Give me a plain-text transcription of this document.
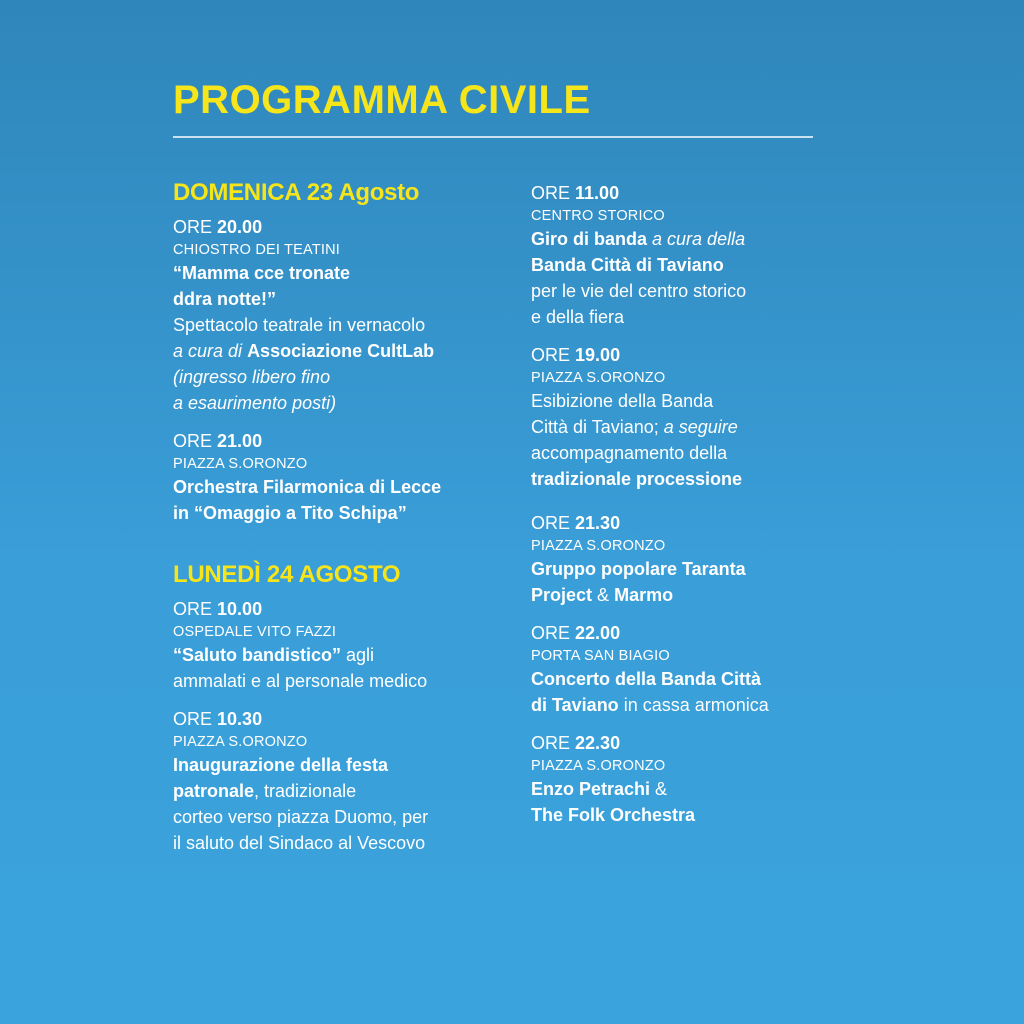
PROGRAMMA CIVILE
DOMENICA 23 Agosto
ORE 20.00
CHIOSTRO DEI TEATINI

“Mamma cce tronate
ddra notte!”
Spettacolo teatrale in vernacolo
a cura di Associazione CultLab
(ingresso libero fino
a esaurimento posti)

ORE 21.00
PIAZZA S.ORONZO

Orchestra Filarmonica di Lecce
in “Omaggio a Tito Schipa”

LUNEDÌ 24 AGOSTO
ORE 10.00
OSPEDALE VITO FAZZI

“Saluto bandistico” agli
ammalati e al personale medico

ORE 10.30
PIAZZA S.ORONZO

Inaugurazione della festa
patronale, tradizionale
corteo verso piazza Duomo, per
il saluto del Sindaco al Vescovo

ORE 11.00
CENTRO STORICO

Giro di banda a cura della
Banda Città di Taviano
per le vie del centro storico
e della fiera

ORE 19.00
PIAZZA S.ORONZO

Esibizione della Banda
Città di Taviano; a seguire
accompagnamento della
tradizionale processione

ORE 21.30
PIAZZA S.ORONZO

Gruppo popolare Taranta
Project & Marmo

ORE 22.00
PORTA SAN BIAGIO

Concerto della Banda Città
di Taviano in cassa armonica

ORE 22.30
PIAZZA S.ORONZO

Enzo Petrachi &
The Folk Orchestra
